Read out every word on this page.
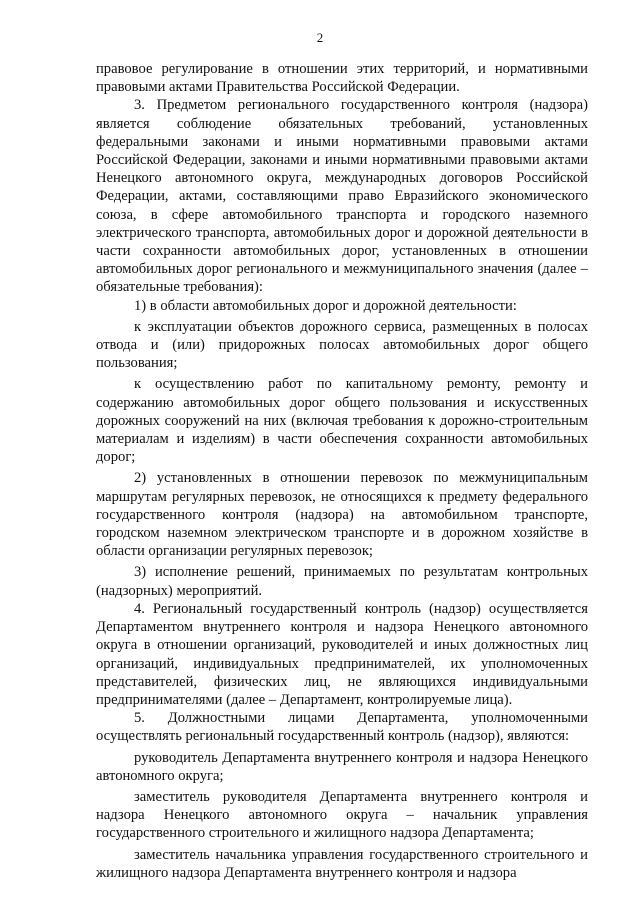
2

правовое регулирование в отношении этих территорий, и нормативными правовыми актами Правительства Российской Федерации.

3. Предметом регионального государственного контроля (надзора) является соблюдение обязательных требований, установленных федеральными законами и иными нормативными правовыми актами Российской Федерации, законами и иными нормативными правовыми актами Ненецкого автономного округа, международных договоров Российской Федерации, актами, составляющими право Евразийского экономического союза, в сфере автомобильного транспорта и городского наземного электрического транспорта, автомобильных дорог и дорожной деятельности в части сохранности автомобильных дорог, установленных в отношении автомобильных дорог регионального и межмуниципального значения (далее – обязательные требования):

1) в области автомобильных дорог и дорожной деятельности:

к эксплуатации объектов дорожного сервиса, размещенных в полосах отвода и (или) придорожных полосах автомобильных дорог общего пользования;

к осуществлению работ по капитальному ремонту, ремонту и содержанию автомобильных дорог общего пользования и искусственных дорожных сооружений на них (включая требования к дорожно-строительным материалам и изделиям) в части обеспечения сохранности автомобильных дорог;

2) установленных в отношении перевозок по межмуниципальным маршрутам регулярных перевозок, не относящихся к предмету федерального государственного контроля (надзора) на автомобильном транспорте, городском наземном электрическом транспорте и в дорожном хозяйстве в области организации регулярных перевозок;

3) исполнение решений, принимаемых по результатам контрольных (надзорных) мероприятий.

4. Региональный государственный контроль (надзор) осуществляется Департаментом внутреннего контроля и надзора Ненецкого автономного округа в отношении организаций, руководителей и иных должностных лиц организаций, индивидуальных предпринимателей, их уполномоченных представителей, физических лиц, не являющихся индивидуальными предпринимателями (далее – Департамент, контролируемые лица).

5. Должностными лицами Департамента, уполномоченными осуществлять региональный государственный контроль (надзор), являются:

руководитель Департамента внутреннего контроля и надзора Ненецкого автономного округа;

заместитель руководителя Департамента внутреннего контроля и надзора Ненецкого автономного округа – начальник управления государственного строительного и жилищного надзора Департамента;

заместитель начальника управления государственного строительного и жилищного надзора Департамента внутреннего контроля и надзора
